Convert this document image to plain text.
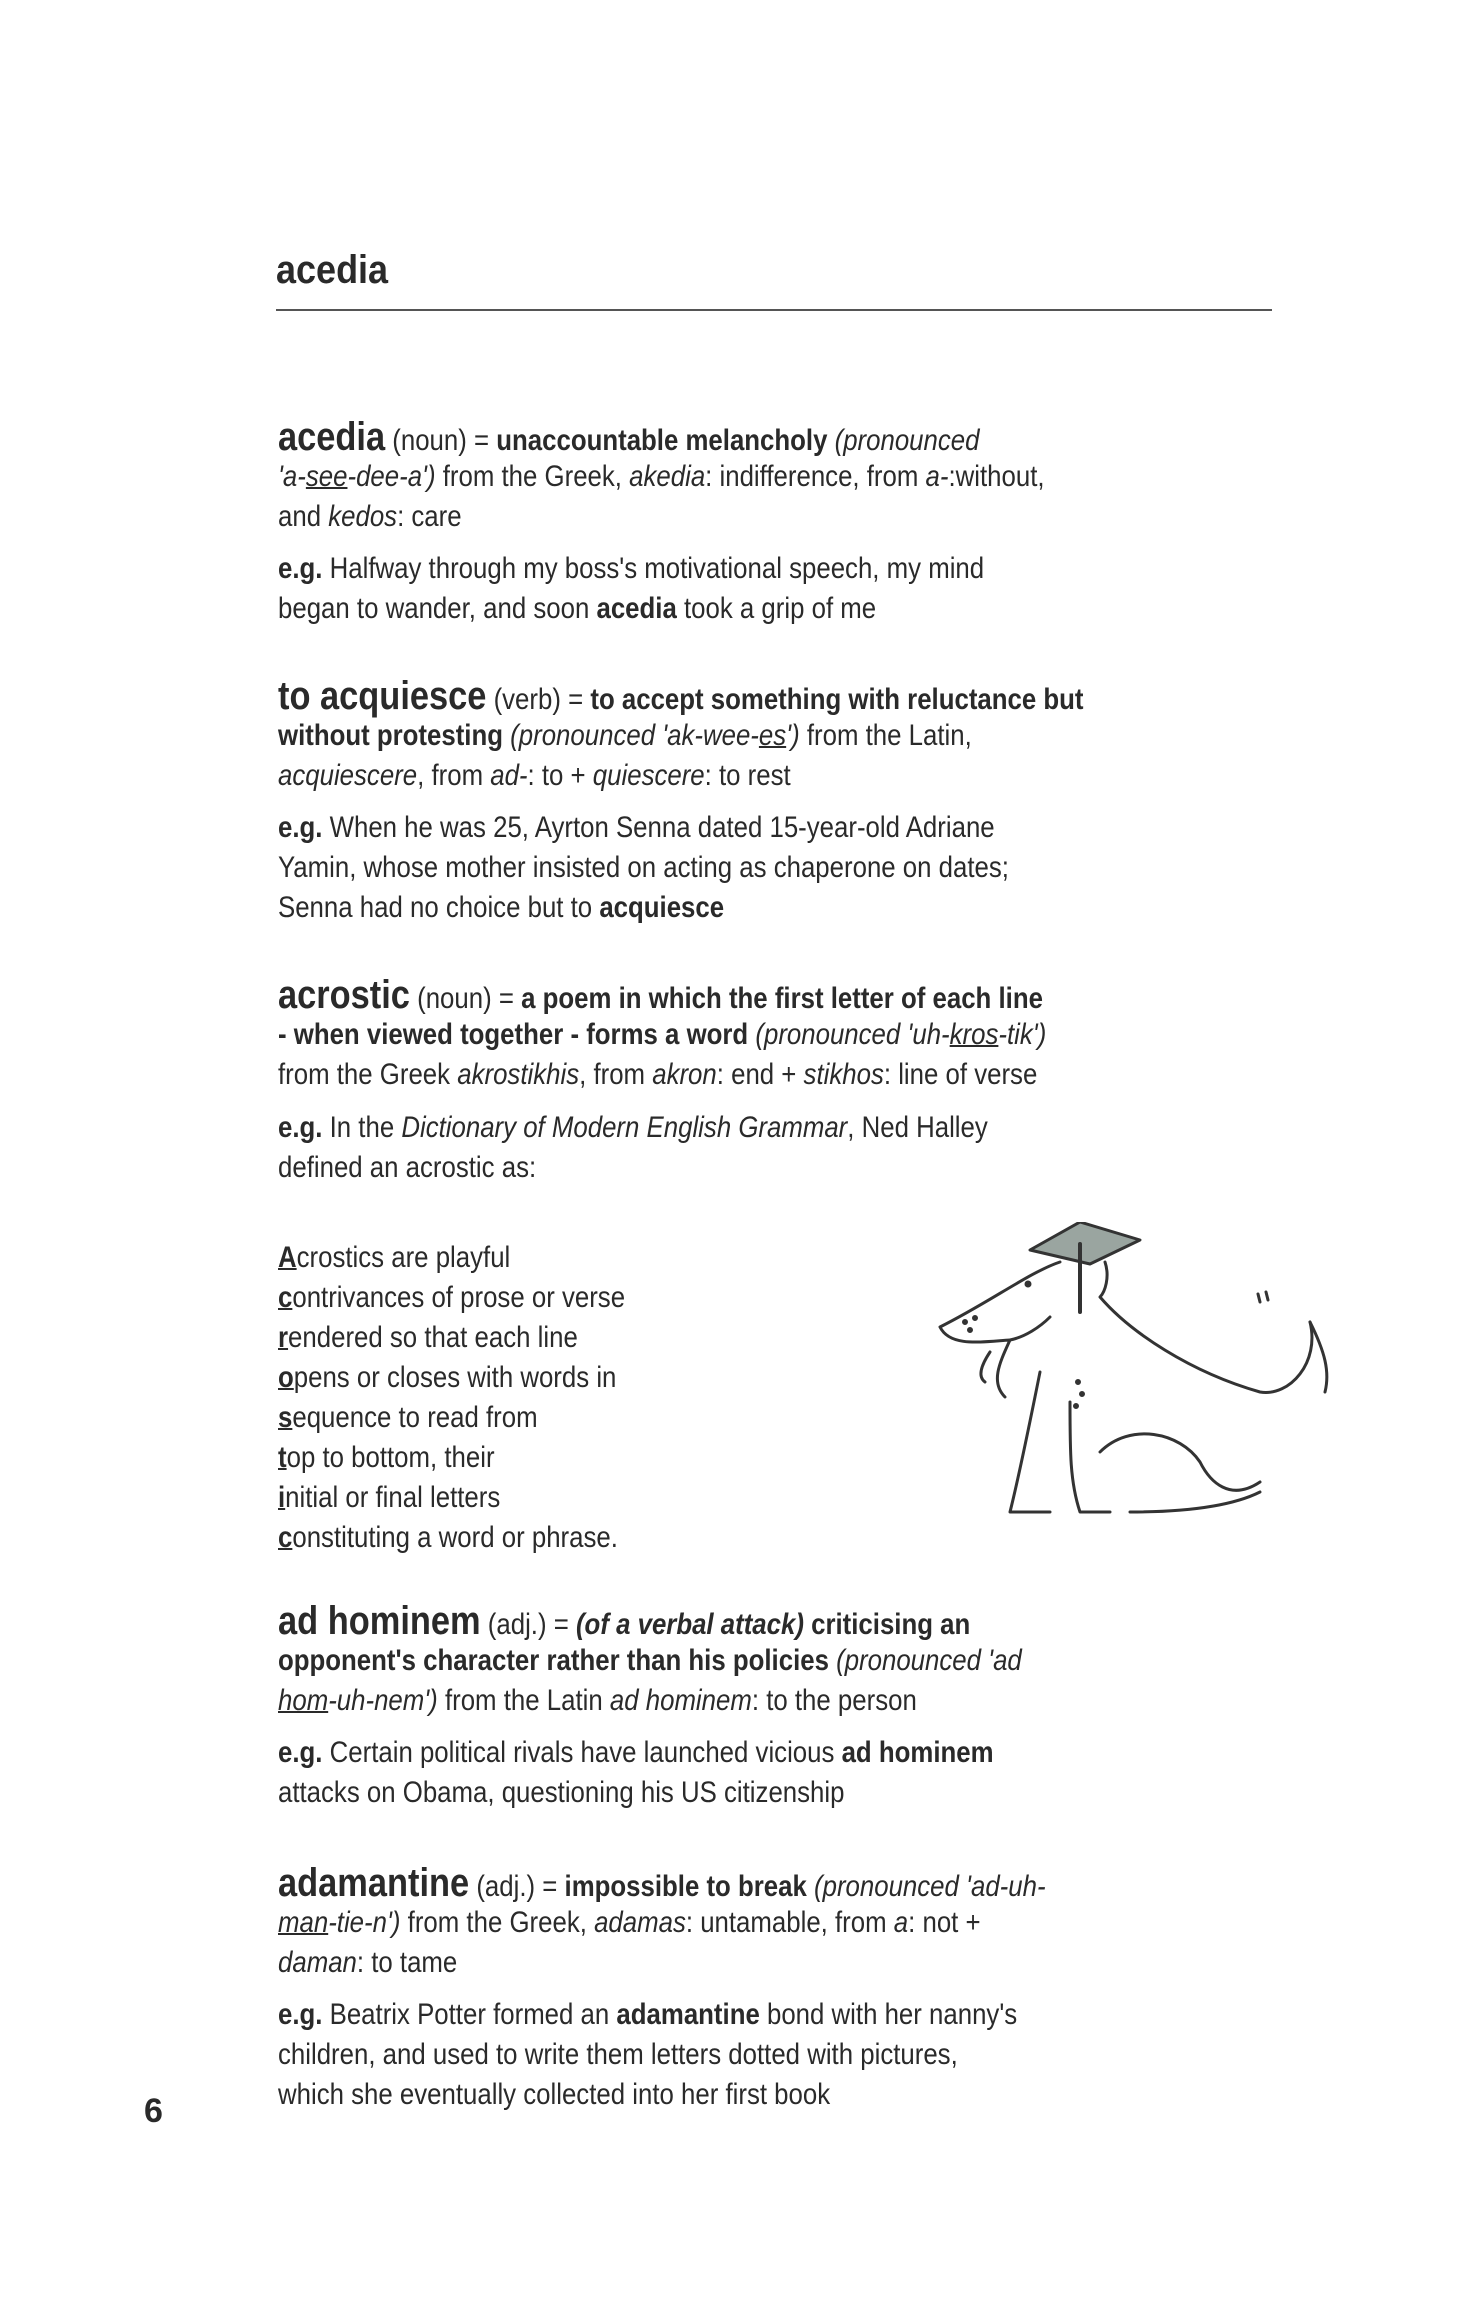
acedia
acedia (noun) = unaccountable melancholy (pronounced
'a-see-dee-a') from the Greek, akedia: indifference, from a-:without,
and kedos: care
e.g. Halfway through my boss's motivational speech, my mind
began to wander, and soon acedia took a grip of me
to acquiesce (verb) = to accept something with reluctance but
without protesting (pronounced 'ak-wee-es') from the Latin,
acquiescere, from ad-: to + quiescere: to rest
e.g. When he was 25, Ayrton Senna dated 15-year-old Adriane
Yamin, whose mother insisted on acting as chaperone on dates;
Senna had no choice but to acquiesce
acrostic (noun) = a poem in which the first letter of each line
- when viewed together - forms a word (pronounced 'uh-kros-tik')
from the Greek akrostikhis, from akron: end + stikhos: line of verse
e.g. In the Dictionary of Modern English Grammar, Ned Halley
defined an acrostic as:
Acrostics are playful
contrivances of prose or verse
rendered so that each line
opens or closes with words in
sequence to read from
top to bottom, their
initial or final letters
constituting a word or phrase.
ad hominem (adj.) = (of a verbal attack) criticising an
opponent's character rather than his policies (pronounced 'ad
hom-uh-nem') from the Latin ad hominem: to the person
e.g. Certain political rivals have launched vicious ad hominem
attacks on Obama, questioning his US citizenship
adamantine (adj.) = impossible to break (pronounced 'ad-uh-
man-tie-n') from the Greek, adamas: untamable, from a: not +
daman: to tame
e.g. Beatrix Potter formed an adamantine bond with her nanny's
children, and used to write them letters dotted with pictures,
which she eventually collected into her first book
6
